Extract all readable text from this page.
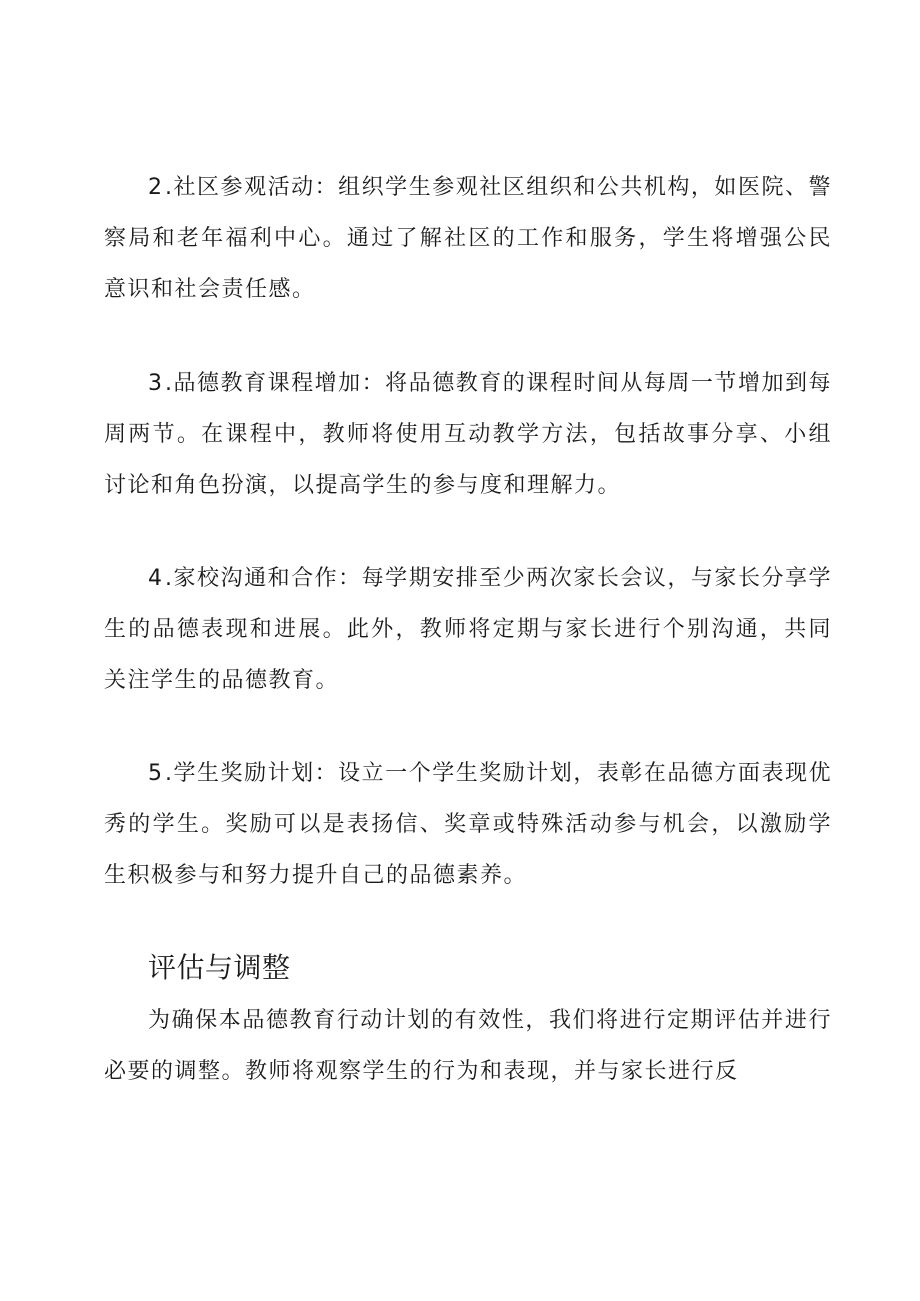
2.社区参观活动：组织学生参观社区组织和公共机构，如医院、警察局和老年福利中心。通过了解社区的工作和服务，学生将增强公民意识和社会责任感。

3.品德教育课程增加：将品德教育的课程时间从每周一节增加到每周两节。在课程中，教师将使用互动教学方法，包括故事分享、小组讨论和角色扮演，以提高学生的参与度和理解力。

4.家校沟通和合作：每学期安排至少两次家长会议，与家长分享学生的品德表现和进展。此外，教师将定期与家长进行个别沟通，共同关注学生的品德教育。

5.学生奖励计划：设立一个学生奖励计划，表彰在品德方面表现优秀的学生。奖励可以是表扬信、奖章或特殊活动参与机会，以激励学生积极参与和努力提升自己的品德素养。

评估与调整

为确保本品德教育行动计划的有效性，我们将进行定期评估并进行必要的调整。教师将观察学生的行为和表现，并与家长进行反
